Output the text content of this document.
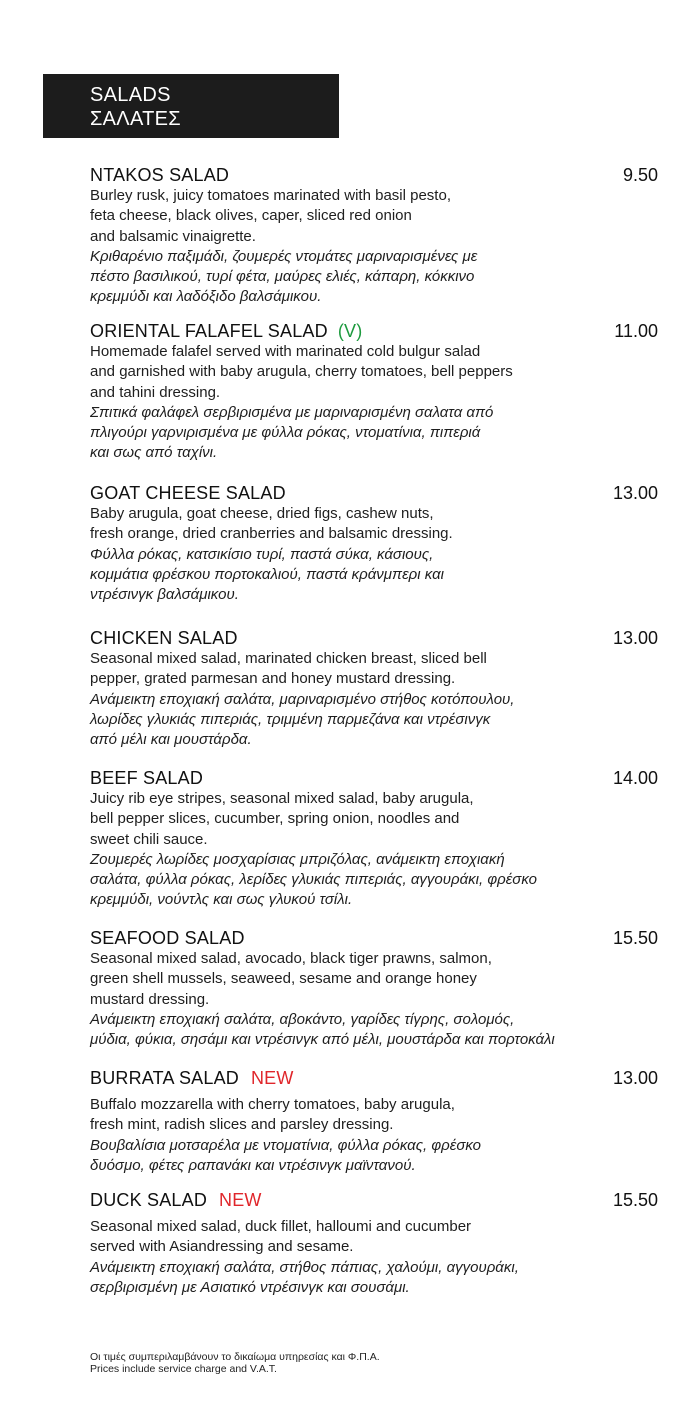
SALADS
ΣΑΛΑΤΕΣ
NTAKOS SALAD	9.50
Burley rusk, juicy tomatoes marinated with basil pesto,
feta cheese, black olives, caper, sliced red onion
and balsamic vinaigrette.
Κριθαρένιο παξιμάδι, ζουμερές ντομάτες μαριναρισμένες με
πέστο βασιλικού, τυρί φέτα, μαύρες ελιές, κάπαρη, κόκκινο
κρεμμύδι και λαδόξιδο βαλσάμικου.
ORIENTAL FALAFEL SALAD (V)	11.00
Homemade falafel served with marinated cold bulgur salad
and garnished with baby arugula, cherry tomatoes, bell peppers
and tahini dressing.
Σπιτικά φαλάφελ σερβιρισμένα με μαριναρισμένη σαλατα από
πλιγούρι γαρνιρισμένα με φύλλα ρόκας, ντοματίνια, πιπεριά
και σως από ταχίνι.
GOAT CHEESE SALAD	13.00
Baby arugula, goat cheese, dried figs, cashew nuts,
fresh orange, dried cranberries and balsamic dressing.
Φύλλα ρόκας, κατσικίσιο τυρί, παστά σύκα, κάσιους,
κομμάτια φρέσκου πορτοκαλιού, παστά κράνμπερι και
ντρέσινγκ βαλσάμικου.
CHICKEN SALAD	13.00
Seasonal mixed salad, marinated chicken breast, sliced bell
pepper, grated parmesan and honey mustard dressing.
Ανάμεικτη εποχιακή σαλάτα, μαριναρισμένο στήθος κοτόπουλου,
λωρίδες γλυκιάς πιπεριάς, τριμμένη παρμεζάνα και ντρέσινγκ
από μέλι και μουστάρδα.
BEEF SALAD	14.00
Juicy rib eye stripes, seasonal mixed salad, baby arugula,
bell pepper slices, cucumber, spring onion, noodles and
sweet chili sauce.
Ζουμερές λωρίδες μοσχαρίσιας μπριζόλας, ανάμεικτη εποχιακή
σαλάτα, φύλλα ρόκας, λερίδες γλυκιάς πιπεριάς, αγγουράκι, φρέσκο
κρεμμύδι, νούντλς και σως γλυκού τσίλι.
SEAFOOD SALAD	15.50
Seasonal mixed salad, avocado, black tiger prawns, salmon,
green shell mussels, seaweed, sesame and orange honey
mustard dressing.
Ανάμεικτη εποχιακή σαλάτα, αβοκάντο, γαρίδες τίγρης, σολομός,
μύδια, φύκια, σησάμι και ντρέσινγκ από μέλι, μουστάρδα και πορτοκάλι
BURRATA SALAD NEW	13.00
Buffalo mozzarella with cherry tomatoes, baby arugula,
fresh mint, radish slices and parsley dressing.
Βουβαλίσια μοτσαρέλα με ντοματίνια, φύλλα ρόκας, φρέσκο
δυόσμο, φέτες ραπανάκι και ντρέσινγκ μαϊντανού.
DUCK SALAD NEW	15.50
Seasonal mixed salad, duck fillet, halloumi and cucumber
served with Asiandressing and sesame.
Ανάμεικτη εποχιακή σαλάτα, στήθος πάπιας, χαλούμι, αγγουράκι,
σερβιρισμένη με Ασιατικό ντρέσινγκ και σουσάμι.
Οι τιμές συμπεριλαμβάνουν το δικαίωμα υπηρεσίας και Φ.Π.Α.
Prices include service charge and V.A.T.
